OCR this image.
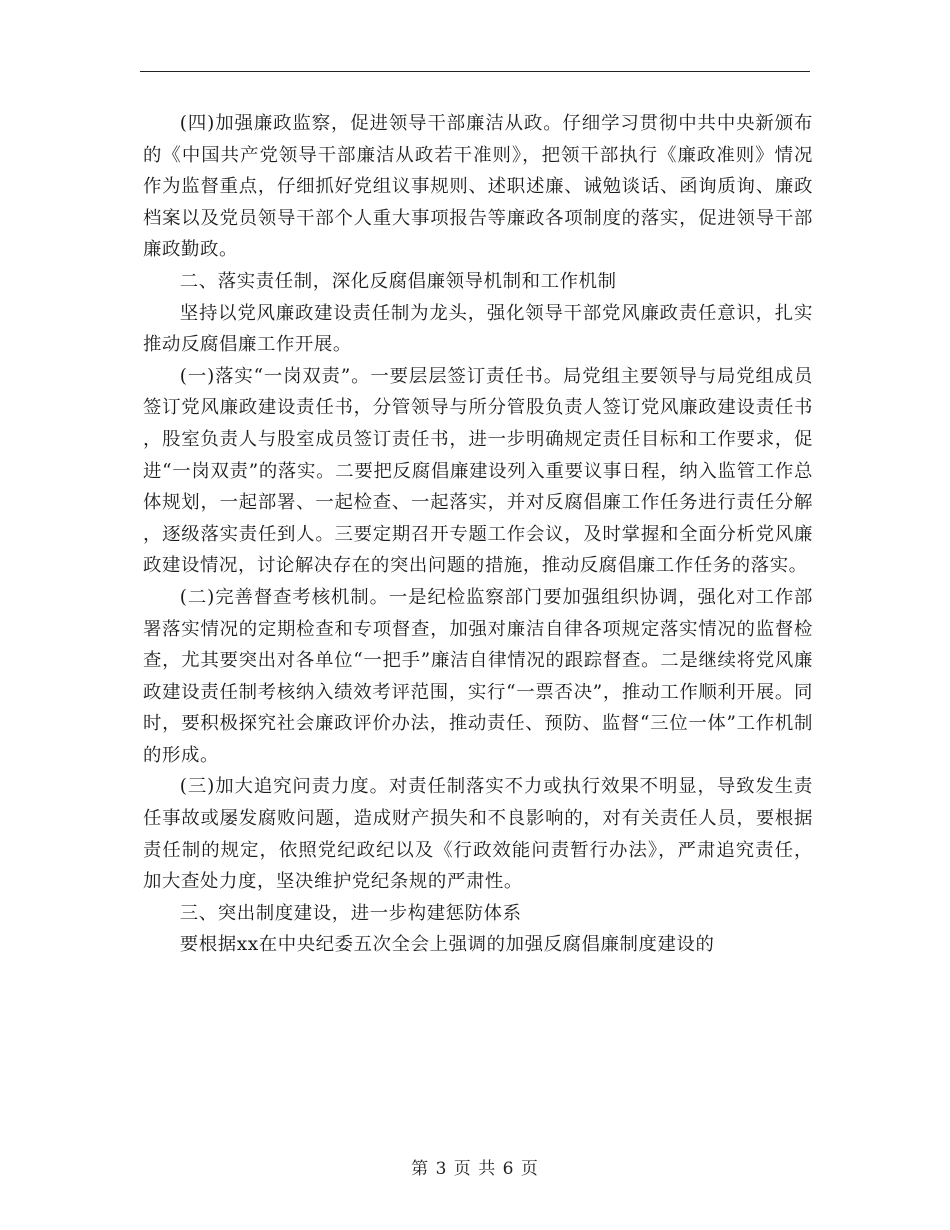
(四)加强廉政监察，促进领导干部廉洁从政。仔细学习贯彻中共中央新颁布的《中国共产党领导干部廉洁从政若干准则》，把领干部执行《廉政准则》情况作为监督重点，仔细抓好党组议事规则、述职述廉、诫勉谈话、函询质询、廉政档案以及党员领导干部个人重大事项报告等廉政各项制度的落实，促进领导干部廉政勤政。

二、落实责任制，深化反腐倡廉领导机制和工作机制

坚持以党风廉政建设责任制为龙头，强化领导干部党风廉政责任意识，扎实推动反腐倡廉工作开展。

(一)落实“一岗双责”。一要层层签订责任书。局党组主要领导与局党组成员签订党风廉政建设责任书，分管领导与所分管股负责人签订党风廉政建设责任书，股室负责人与股室成员签订责任书，进一步明确规定责任目标和工作要求，促进“一岗双责”的落实。二要把反腐倡廉建设列入重要议事日程，纳入监管工作总体规划，一起部署、一起检查、一起落实，并对反腐倡廉工作任务进行责任分解，逐级落实责任到人。三要定期召开专题工作会议，及时掌握和全面分析党风廉政建设情况，讨论解决存在的突出问题的措施，推动反腐倡廉工作任务的落实。

(二)完善督查考核机制。一是纪检监察部门要加强组织协调，强化对工作部署落实情况的定期检查和专项督查，加强对廉洁自律各项规定落实情况的监督检查，尤其要突出对各单位“一把手”廉洁自律情况的跟踪督查。二是继续将党风廉政建设责任制考核纳入绩效考评范围，实行“一票否决”，推动工作顺利开展。同时，要积极探究社会廉政评价办法，推动责任、预防、监督“三位一体”工作机制的形成。

(三)加大追究问责力度。对责任制落实不力或执行效果不明显，导致发生责任事故或屡发腐败问题，造成财产损失和不良影响的，对有关责任人员，要根据责任制的规定，依照党纪政纪以及《行政效能问责暂行办法》，严肃追究责任，加大查处力度，坚决维护党纪条规的严肃性。

三、突出制度建设，进一步构建惩防体系

要根据xx在中央纪委五次全会上强调的加强反腐倡廉制度建设的

第 3 页 共 6 页
